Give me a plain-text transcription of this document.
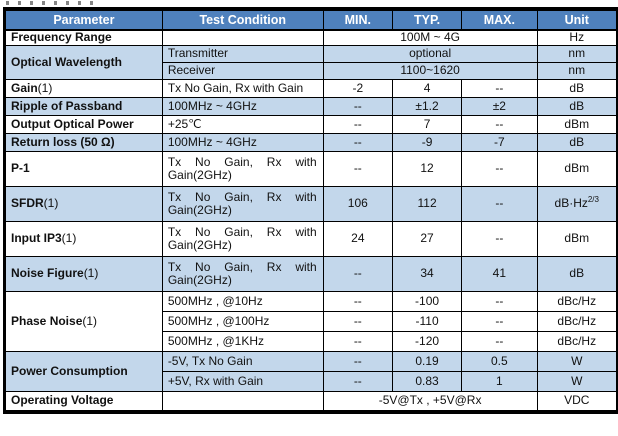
Parameter	Test Condition	MIN.	TYP.	MAX.	Unit
Frequency Range		100M ~ 4G			Hz
Optical Wavelength	Transmitter	optional			nm
	Receiver	1100~1620			nm
Gain(1)	Tx No Gain, Rx with Gain	-2	4	--	dB
Ripple of Passband	100MHz ~ 4GHz	--	±1.2	±2	dB
Output Optical Power	+25℃	--	7	--	dBm
Return loss (50 Ω)	100MHz ~ 4GHz	--	-9	-7	dB
P-1	Tx No Gain, Rx with Gain(2GHz)	--	12	--	dBm
SFDR(1)	Tx No Gain, Rx with Gain(2GHz)	106	112	--	$dB\cdot Hz^{2/3}$
Input IP3(1)	Tx No Gain, Rx with Gain(2GHz)	24	27	--	dBm
Noise Figure(1)	Tx No Gain, Rx with Gain(2GHz)	--	34	41	dB
Phase Noise(1)	500MHz , @10Hz	--	-100	--	dBc/Hz
	500MHz , @100Hz	--	-110	--	dBc/Hz
	500MHz , @1KHz	--	-120	--	dBc/Hz
Power Consumption	-5V, Tx No Gain	--	0.19	0.5	W
	+5V, Rx with Gain	--	0.83	1	W
Operating Voltage		-5V@Tx , +5V@Rx			VDC
